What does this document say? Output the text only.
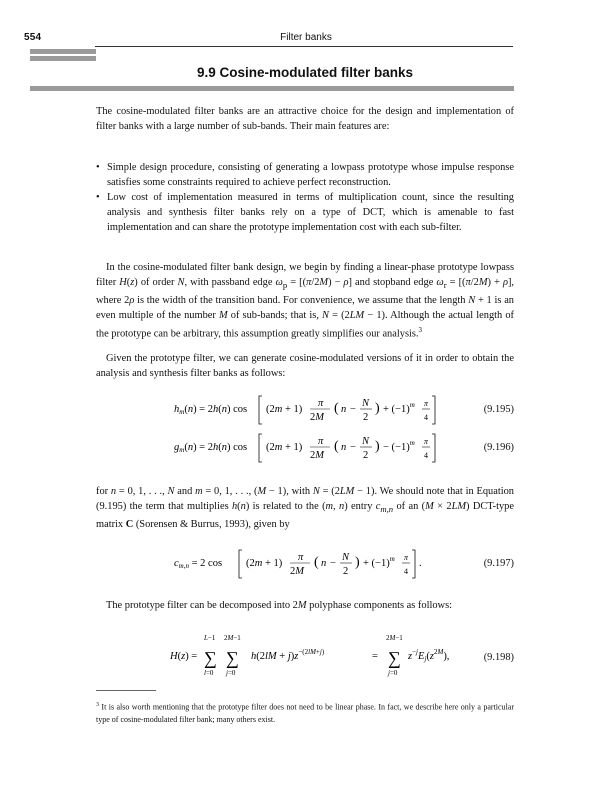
554	Filter banks
9.9 Cosine-modulated filter banks

The cosine-modulated filter banks are an attractive choice for the design and implementation of filter banks with a large number of sub-bands. Their main features are:

• Simple design procedure, consisting of generating a lowpass prototype whose impulse response satisfies some constraints required to achieve perfect reconstruction.
• Low cost of implementation measured in terms of multiplication count, since the resulting analysis and synthesis filter banks rely on a type of DCT, which is amenable to fast implementation and can share the prototype implementation cost with each sub-filter.

In the cosine-modulated filter bank design, we begin by finding a linear-phase prototype lowpass filter H(z) of order N, with passband edge $\omega_p = [(\pi/2M) - \rho]$ and stopband edge $\omega_r = [(\pi/2M) + \rho]$, where 2ρ is the width of the transition band. For convenience, we assume that the length N + 1 is an even multiple of the number M of sub-bands; that is, N = (2LM − 1). Although the actual length of the prototype can be arbitrary, this assumption greatly simplifies our analysis.$^3$

Given the prototype filter, we can generate cosine-modulated versions of it in order to obtain the analysis and synthesis filter banks as follows:

hm(n) = 2h(n) cos (2m + 1)
π
2M
( n −
N
2
) + $(-1)^m$ π
4
(9.195)
gm(n) = 2h(n) cos (2m + 1)
π
2M
( n −
N
2
) − $(-1)^m$ π
4
(9.196)

for n = 0, 1, . . ., N and m = 0, 1, . . ., (M − 1), with N = (2LM − 1). We should note that in Equation (9.195) the term that multiplies h(n) is related to the (m, n) entry $c_{m,n}$ of an (M × 2LM) DCT-type matrix C (Sorensen & Burrus, 1993), given by

cm,n = 2 cos (2m + 1)
π
2M
( n −
N
2
) + $(-1)^m$ π
4
.	(9.197)

The prototype filter can be decomposed into 2M polyphase components as follows:

H(z) =
L−1
∑
l=0
2M−1
∑
j=0
$h(2lM + j)z^{-(2lM+j)}$	=
2M−1
∑
j=0
$z^{-j}Ej(z^{2M})$,	(9.198)

$^3$ It is also worth mentioning that the prototype filter does not need to be linear phase. In fact, we describe here only a particular type of cosine-modulated filter bank; many others exist.
